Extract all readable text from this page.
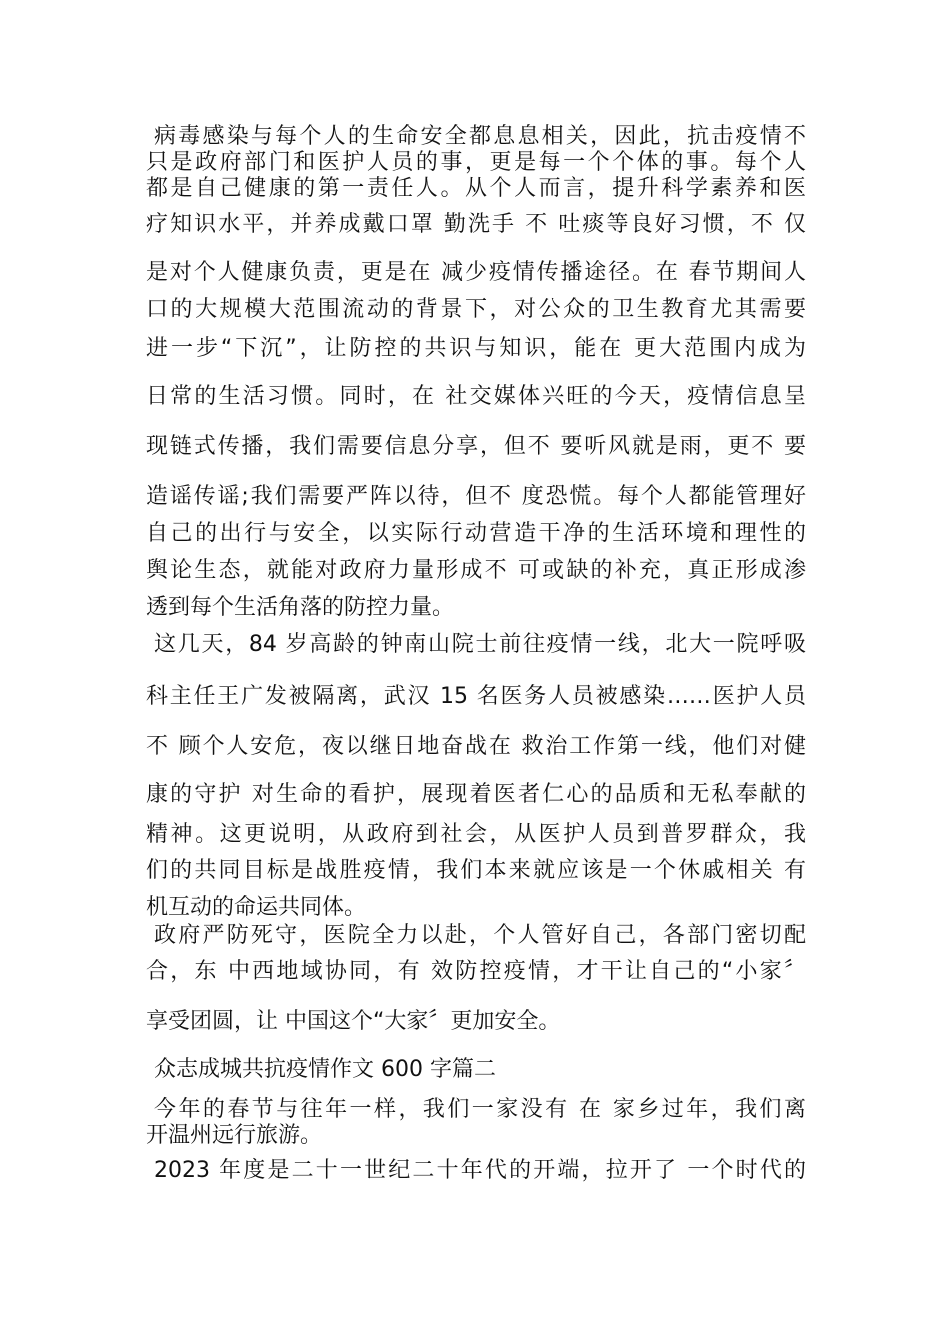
病毒感染与每个人的生命安全都息息相关，因此，抗击疫情不
只是政府部门和医护人员的事，更是每一个个体的事。每个人
都是自己健康的第一责任人。从个人而言，提升科学素养和医
疗知识水平，并养成戴口罩 勤洗手 不 吐痰等良好习惯，不 仅
是对个人健康负责，更是在 减少疫情传播途径。在 春节期间人
口的大规模大范围流动的背景下，对公众的卫生教育尤其需要
进一步“下沉”，让防控的共识与知识，能在 更大范围内成为
日常的生活习惯。同时，在 社交媒体兴旺的今天，疫情信息呈
现链式传播，我们需要信息分享，但不 要听风就是雨，更不 要
造谣传谣;我们需要严阵以待，但不 度恐慌。每个人都能管理好
自己的出行与安全，以实际行动营造干净的生活环境和理性的
舆论生态，就能对政府力量形成不 可或缺的补充，真正形成渗
透到每个生活角落的防控力量。
这几天，84 岁高龄的钟南山院士前往疫情一线，北大一院呼吸
科主任王广发被隔离，武汉 15 名医务人员被感染……医护人员
不 顾个人安危，夜以继日地奋战在 救治工作第一线，他们对健
康的守护 对生命的看护，展现着医者仁心的品质和无私奉献的
精神。这更说明，从政府到社会，从医护人员到普罗群众，我
们的共同目标是战胜疫情，我们本来就应该是一个休戚相关 有
机互动的命运共同体。
政府严防死守，医院全力以赴，个人管好自己，各部门密切配
合，东 中西地域协同，有 效防控疫情，才干让自己的“小家〞
享受团圆，让 中国这个“大家〞更加安全。
众志成城共抗疫情作文 600 字篇二
今年的春节与往年一样，我们一家没有 在 家乡过年，我们离
开温州远行旅游。
2023 年度是二十一世纪二十年代的开端，拉开了 一个时代的
